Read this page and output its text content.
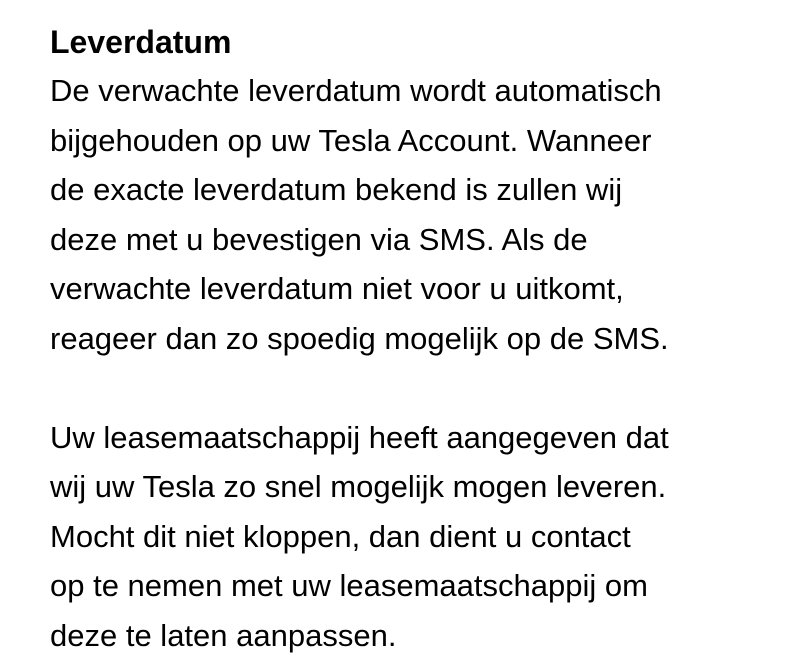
Leverdatum
De verwachte leverdatum wordt automatisch
bijgehouden op uw Tesla Account. Wanneer
de exacte leverdatum bekend is zullen wij
deze met u bevestigen via SMS. Als de
verwachte leverdatum niet voor u uitkomt,
reageer dan zo spoedig mogelijk op de SMS.
Uw leasemaatschappij heeft aangegeven dat
wij uw Tesla zo snel mogelijk mogen leveren.
Mocht dit niet kloppen, dan dient u contact
op te nemen met uw leasemaatschappij om
deze te laten aanpassen.
